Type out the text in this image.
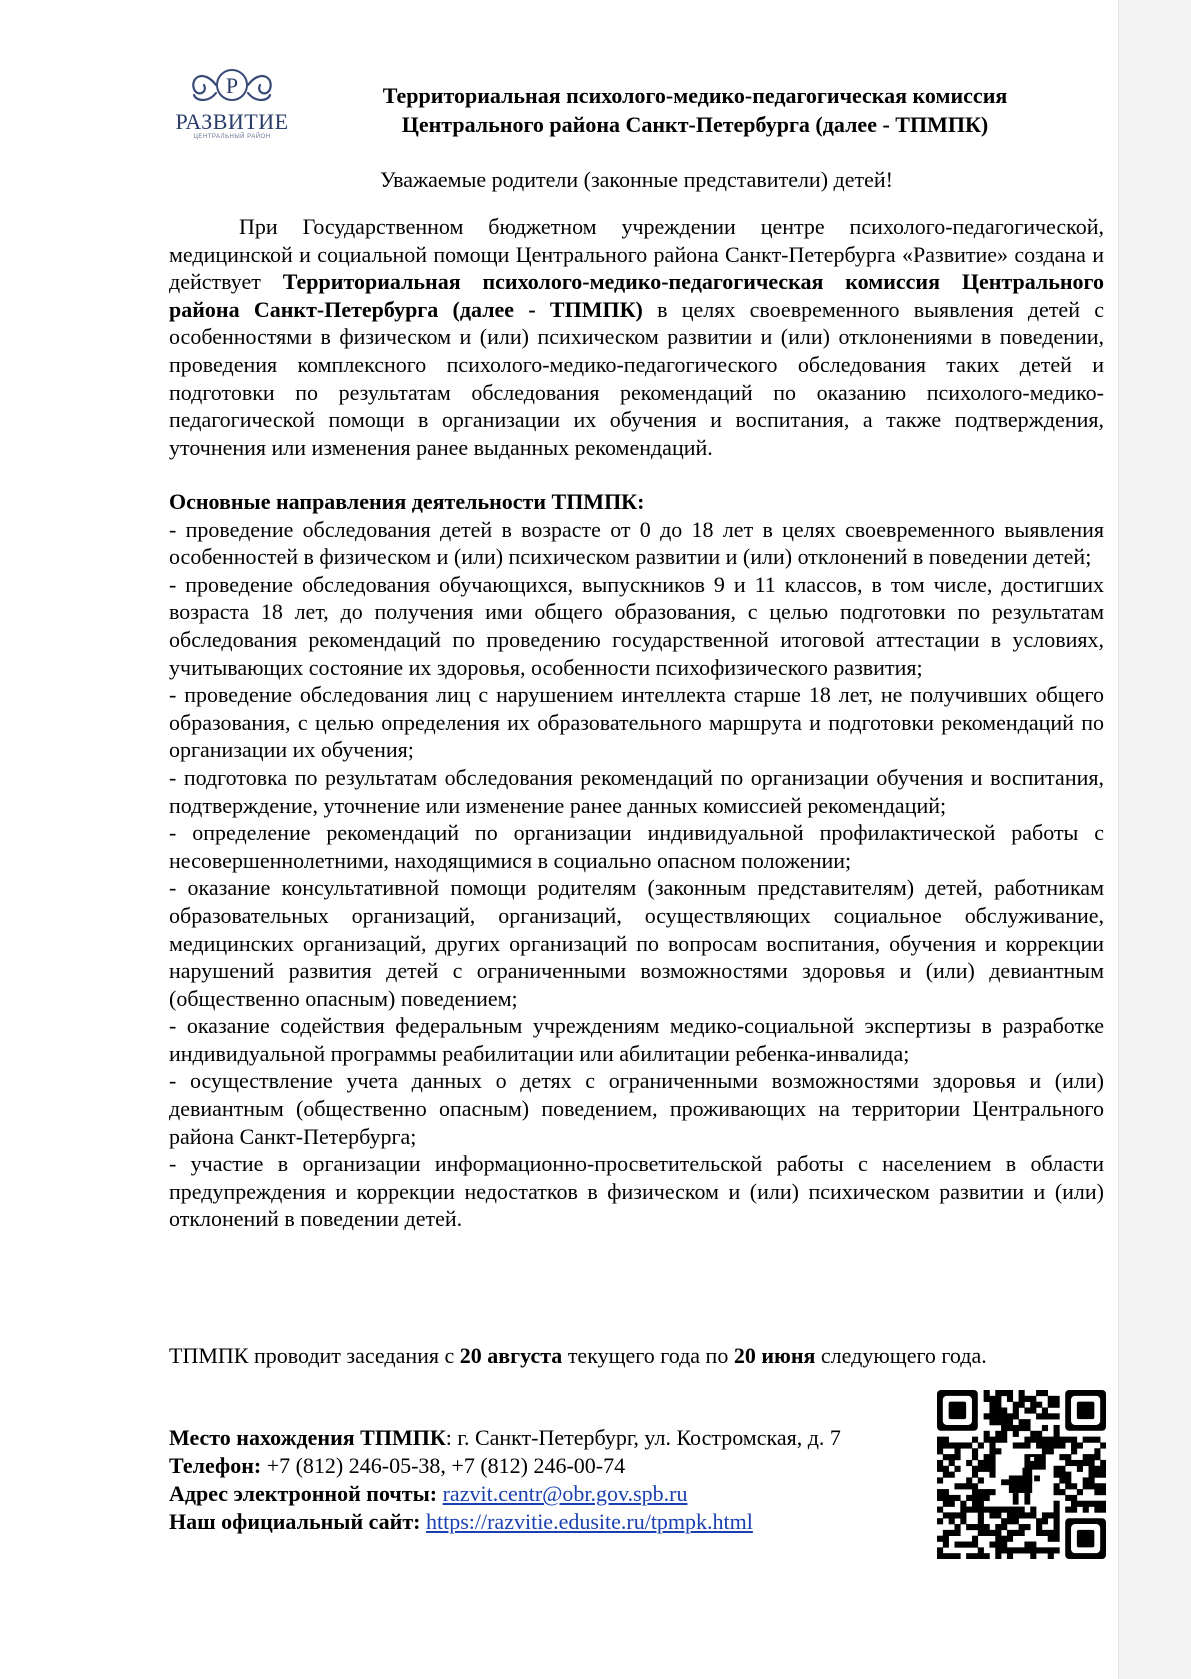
P
РАЗВИТИЕ
ЦЕНТРАЛЬНЫЙ РАЙОН
Территориальная психолого-медико-педагогическая комиссия
Центрального района Санкт-Петербурга (далее - ТПМПК)
Уважаемые родители (законные представители) детей!
При Государственном бюджетном учреждении центре психолого-педагогической, медицинской и социальной помощи Центрального района Санкт-Петербурга «Развитие» создана и действует Территориальная психолого-медико-педагогическая комиссия Центрального района Санкт-Петербурга (далее - ТПМПК) в целях своевременного выявления детей с особенностями в физическом и (или) психическом развитии и (или) отклонениями в поведении, проведения комплексного психолого-медико-педагогического обследования таких детей и подготовки по результатам обследования рекомендаций по оказанию психолого-медико-педагогической помощи в организации их обучения и воспитания, а также подтверждения, уточнения или изменения ранее выданных рекомендаций.

Основные направления деятельности ТПМПК:

- проведение обследования детей в возрасте от 0 до 18 лет в целях своевременного выявления особенностей в физическом и (или) психическом развитии и (или) отклонений в поведении детей;

- проведение обследования обучающихся, выпускников 9 и 11 классов, в том числе, достигших возраста 18 лет, до получения ими общего образования, с целью подготовки по результатам обследования рекомендаций по проведению государственной итоговой аттестации в условиях, учитывающих состояние их здоровья, особенности психофизического развития;

- проведение обследования лиц с нарушением интеллекта старше 18 лет, не получивших общего образования, с целью определения их образовательного маршрута и подготовки рекомендаций по организации их обучения;

- подготовка по результатам обследования рекомендаций по организации обучения и воспитания, подтверждение, уточнение или изменение ранее данных комиссией рекомендаций;

- определение рекомендаций по организации индивидуальной профилактической работы с несовершеннолетними, находящимися в социально опасном положении;

- оказание консультативной помощи родителям (законным представителям) детей, работникам образовательных организаций, организаций, осуществляющих социальное обслуживание, медицинских организаций, других организаций по вопросам воспитания, обучения и коррекции нарушений развития детей с ограниченными возможностями здоровья и (или) девиантным (общественно опасным) поведением;

- оказание содействия федеральным учреждениям медико-социальной экспертизы в разработке индивидуальной программы реабилитации или абилитации ребенка-инвалида;

- осуществление учета данных о детях с ограниченными возможностями здоровья и (или) девиантным (общественно опасным) поведением, проживающих на территории Центрального района Санкт-Петербурга;

- участие в организации информационно-просветительской работы с населением в области предупреждения и коррекции недостатков в физическом и (или) психическом развитии и (или) отклонений в поведении детей.

ТПМПК проводит заседания с 20 августа текущего года по 20 июня следующего года.
Место нахождения ТПМПК: г. Санкт-Петербург, ул. Костромская, д. 7
Телефон: +7 (812) 246-05-38, +7 (812) 246-00-74
Адрес электронной почты: razvit.centr@obr.gov.spb.ru
Наш официальный сайт: https://razvitie.edusite.ru/tpmpk.html
